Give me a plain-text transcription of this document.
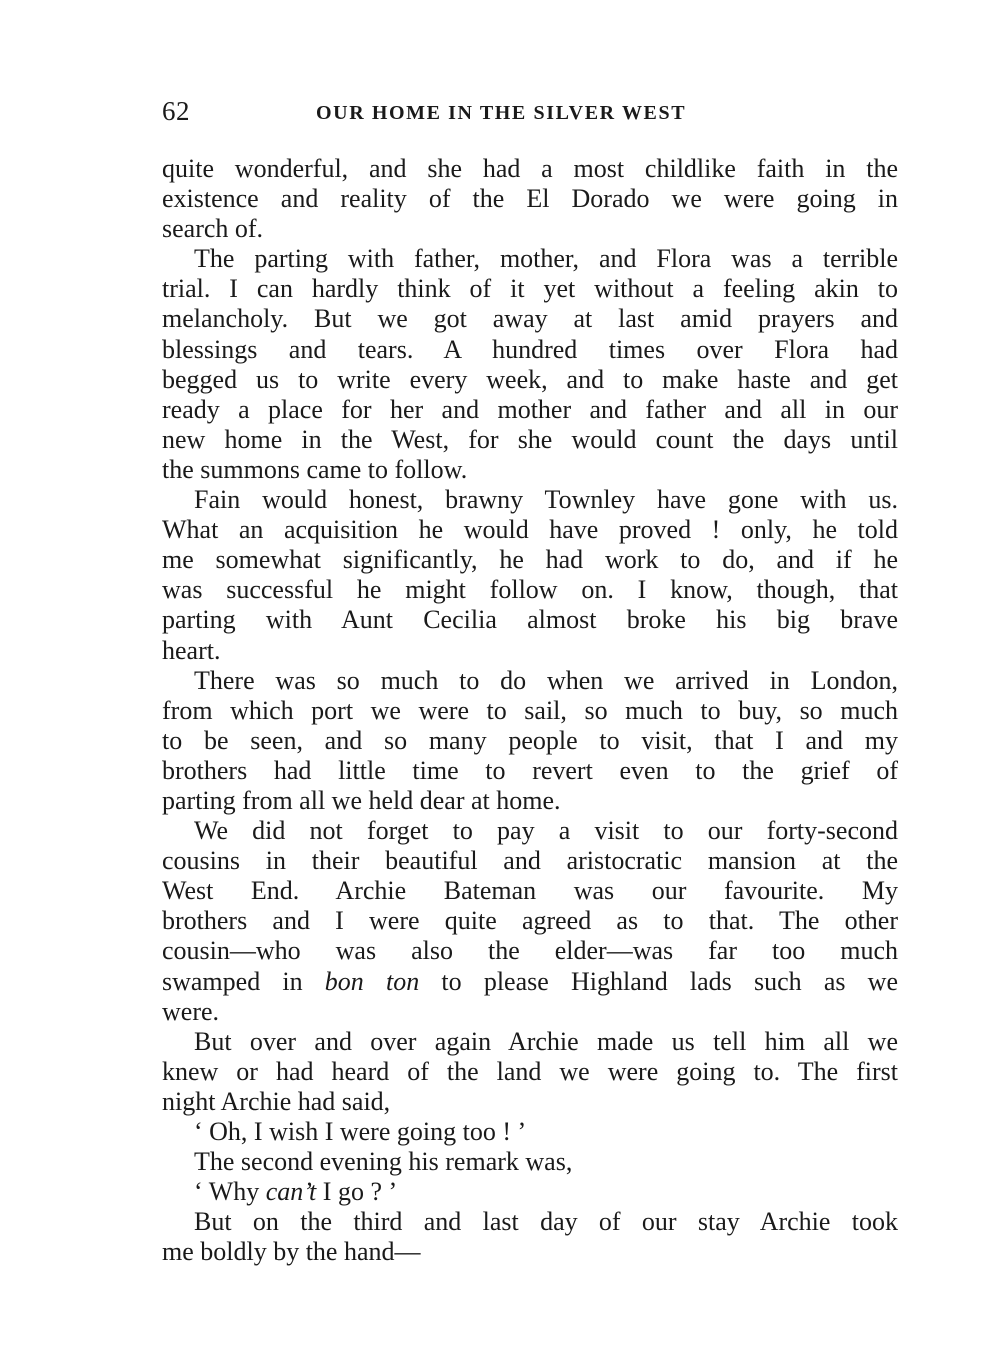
62	OUR HOME IN THE SILVER WEST
quite wonderful, and she had a most childlike faith in the
existence and reality of the El Dorado we were going in
search of.
The parting with father, mother, and Flora was a terrible
trial. I can hardly think of it yet without a feeling akin to
melancholy. But we got away at last amid prayers and
blessings and tears. A hundred times over Flora had
begged us to write every week, and to make haste and get
ready a place for her and mother and father and all in our
new home in the West, for she would count the days until
the summons came to follow.
Fain would honest, brawny Townley have gone with us.
What an acquisition he would have proved ! only, he told
me somewhat significantly, he had work to do, and if he
was successful he might follow on. I know, though, that
parting with Aunt Cecilia almost broke his big brave
heart.
There was so much to do when we arrived in London,
from which port we were to sail, so much to buy, so much
to be seen, and so many people to visit, that I and my
brothers had little time to revert even to the grief of
parting from all we held dear at home.
We did not forget to pay a visit to our forty-second
cousins in their beautiful and aristocratic mansion at the
West End. Archie Bateman was our favourite. My
brothers and I were quite agreed as to that. The other
cousin—who was also the elder—was far too much
swamped in bon ton to please Highland lads such as we
were.
But over and over again Archie made us tell him all we
knew or had heard of the land we were going to. The first
night Archie had said,
‘ Oh, I wish I were going too ! ’
The second evening his remark was,
‘ Why can’t I go ? ’
But on the third and last day of our stay Archie took
me boldly by the hand—
